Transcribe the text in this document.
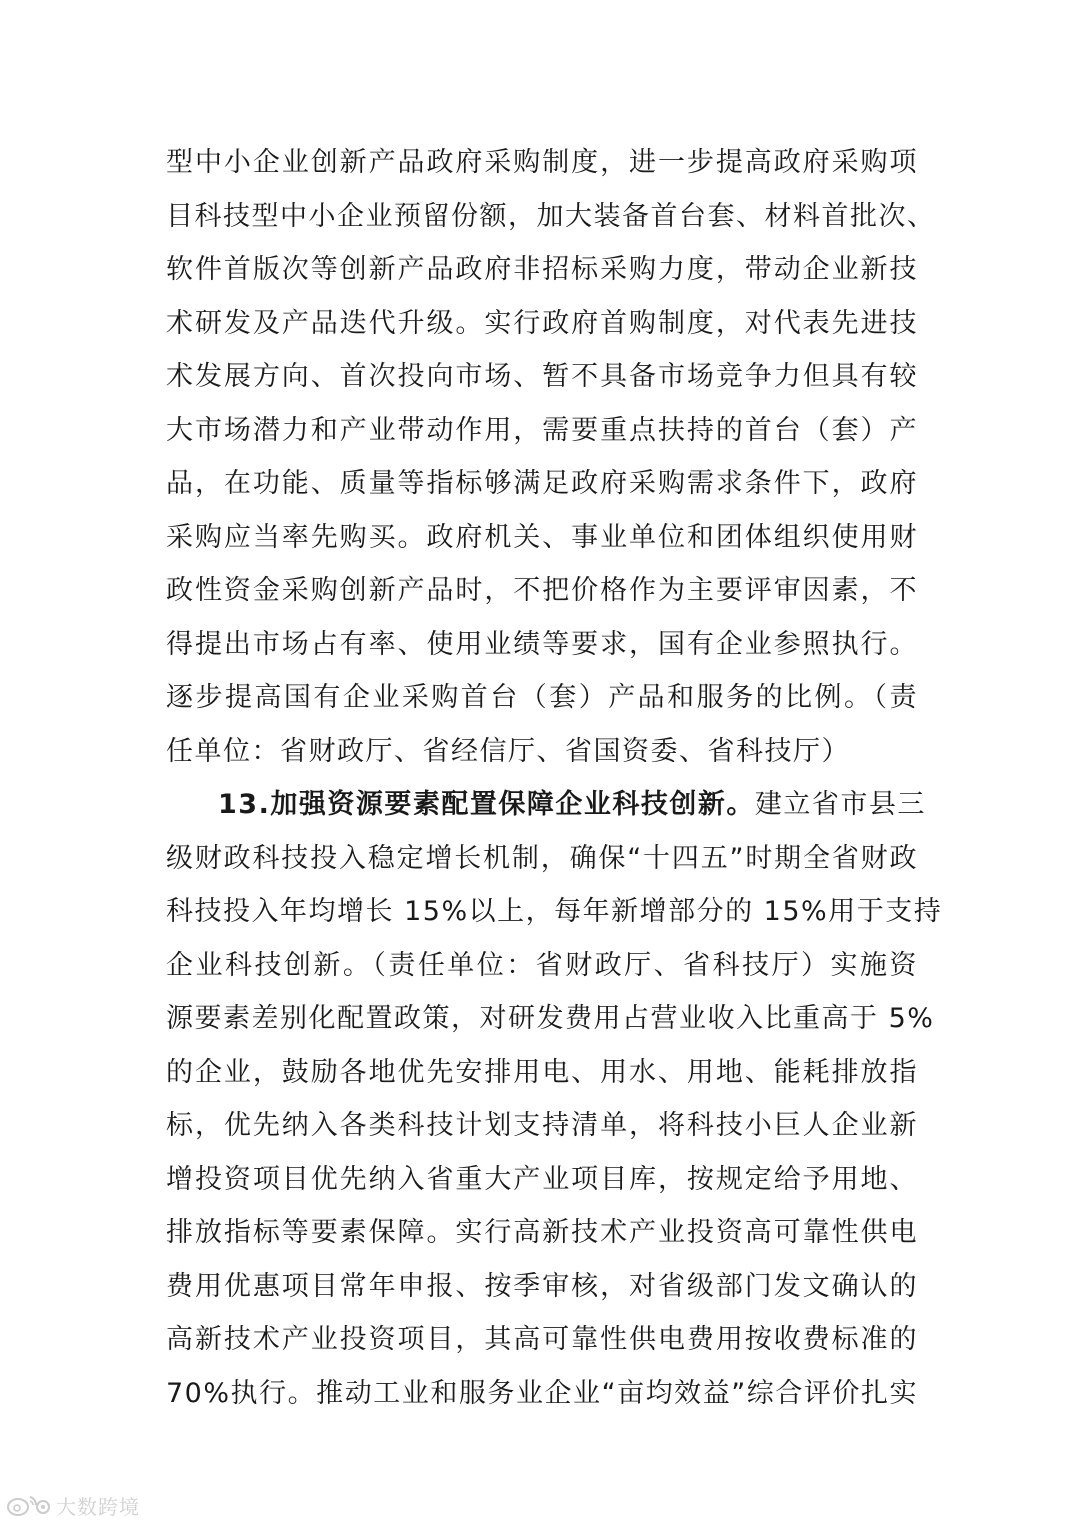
型中小企业创新产品政府采购制度，进一步提高政府采购项
目科技型中小企业预留份额，加大装备首台套、材料首批次、
软件首版次等创新产品政府非招标采购力度，带动企业新技
术研发及产品迭代升级。实行政府首购制度，对代表先进技
术发展方向、首次投向市场、暂不具备市场竞争力但具有较
大市场潜力和产业带动作用，需要重点扶持的首台（套）产
品，在功能、质量等指标够满足政府采购需求条件下，政府
采购应当率先购买。政府机关、事业单位和团体组织使用财
政性资金采购创新产品时，不把价格作为主要评审因素，不
得提出市场占有率、使用业绩等要求，国有企业参照执行。
逐步提高国有企业采购首台（套）产品和服务的比例。（责
任单位：省财政厅、省经信厅、省国资委、省科技厅）
13.加强资源要素配置保障企业科技创新。建立省市县三
级财政科技投入稳定增长机制，确保“十四五”时期全省财政
科技投入年均增长 15%以上，每年新增部分的 15%用于支持
企业科技创新。（责任单位：省财政厅、省科技厅）实施资
源要素差别化配置政策，对研发费用占营业收入比重高于 5%
的企业，鼓励各地优先安排用电、用水、用地、能耗排放指
标，优先纳入各类科技计划支持清单，将科技小巨人企业新
增投资项目优先纳入省重大产业项目库，按规定给予用地、
排放指标等要素保障。实行高新技术产业投资高可靠性供电
费用优惠项目常年申报、按季审核，对省级部门发文确认的
高新技术产业投资项目，其高可靠性供电费用按收费标准的
70%执行。推动工业和服务业企业“亩均效益”综合评价扎实
大数跨境
